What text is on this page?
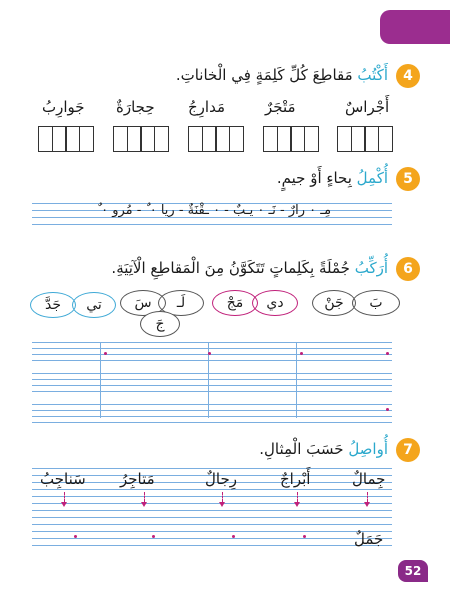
4
أَكْتُبُ مَقاطِعَ كُلِّ كَلِمَةٍ فِي الْخاناتِ.
أَجْراسٌ
مَتْجَرٌ
مَدارِجُ
حِجارَةٌ
جَوارِبُ
5
أُكْمِلُ بِحاءٍ أَوْ جيمٍ.
مِـ ٠ رارٌ - نَـ ٠ يـبٌ - ٠ ـقْنَةٌ - ريا ٠ ٌ - مُرو ٠ ٌ
6
أُرَكِّبُ جُمْلَةً بِكَلِماتٍ تَتَكَوَّنُ مِنَ الْمَقاطِعِ الْآتِيَةِ.
بَ
جَنْ
دي
مَجْ
لَـ
سَ
جَ
تي
جَدَّ
7
أُواصِلُ حَسَبَ الْمِثالِ.
جِمالٌ
أَبْراجٌ
رِجالٌ
مَتاجِرُ
سَناجِبُ
جَمَلٌ
52
